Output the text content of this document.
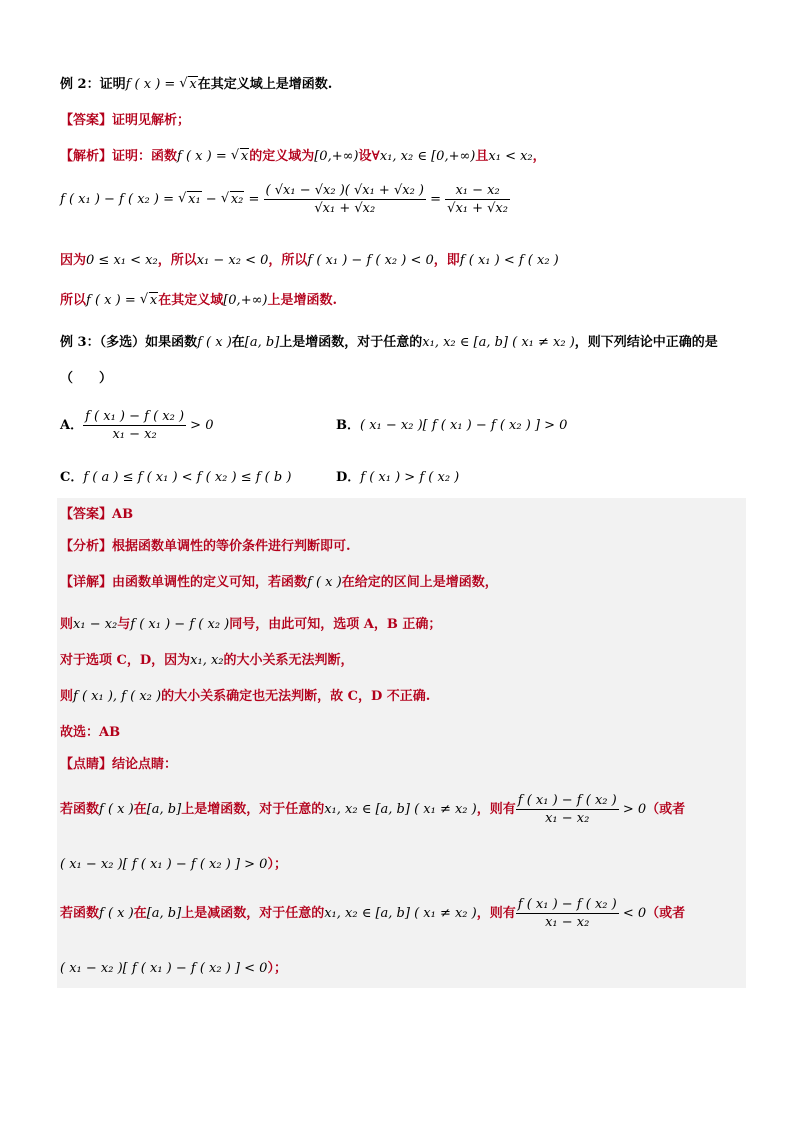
例 2：证明f ( x ) = √ x在其定义域上是增函数.
【答案】证明见解析；
【解析】证明：函数f ( x ) = √ x的定义域为[0,+∞)设∀x₁, x₂ ∈ [0,+∞)且x₁ < x₂，
f ( x₁ ) − f ( x₂ ) = √ x₁ − √ $x_2 = \frac{\text{( √x₁ − √x₂ )( √x₁ + √x₂ )}}{\text{√x₁ + √x₂}} = \frac{\text{x₁ − x₂}}{\text{√x₁ + √x₂}}$
因为0 ≤ x₁ < x₂，所以x₁ − x₂ < 0，所以f ( x₁ ) − f ( x₂ ) < 0，即f ( x₁ ) < f ( x₂ )
所以f ( x ) = √ x在其定义域[0,+∞)上是增函数.
例 3：（多选）如果函数f ( x )在[a, b]上是增函数，对于任意的x₁, x₂ ∈ [a, b] ( x₁ ≠ x₂ )，则下列结论中正确的是
（　　）
A． $\frac{\text{f ( x₁ ) − f ( x₂ )}}{\text{x₁ − x₂}} > 0$	B．( x₁ − x₂ )[ f ( x₁ ) − f ( x₂ ) ] > 0
C．f ( a ) ≤ f ( x₁ ) < f ( x₂ ) ≤ f ( b )	D．f ( x₁ ) > f ( x₂ )
【答案】AB
【分析】根据函数单调性的等价条件进行判断即可.
【详解】由函数单调性的定义可知，若函数f ( x )在给定的区间上是增函数，
则x₁ − x₂与f ( x₁ ) − f ( x₂ )同号，由此可知，选项 A，B 正确；
对于选项 C，D，因为x₁, x₂的大小关系无法判断，
则f ( x₁ ), f ( x₂ )的大小关系确定也无法判断，故 C，D 不正确.
故选：AB
【点睛】结论点睛：
若函数f ( x )在[a, b]上是增函数，对于任意的x₁, x₂ ∈ [a, b] ( x₁ ≠ x₂ )，则有 $\frac{\text{f ( x₁ ) − f ( x₂ )}}{\text{x₁ − x₂}} > 0$（或者
( x₁ − x₂ )[ f ( x₁ ) − f ( x₂ ) ] > 0）；
若函数f ( x )在[a, b]上是减函数，对于任意的x₁, x₂ ∈ [a, b] ( x₁ ≠ x₂ )，则有 $\frac{\text{f ( x₁ ) − f ( x₂ )}}{\text{x₁ − x₂}} < 0$（或者
( x₁ − x₂ )[ f ( x₁ ) − f ( x₂ ) ] < 0）；
